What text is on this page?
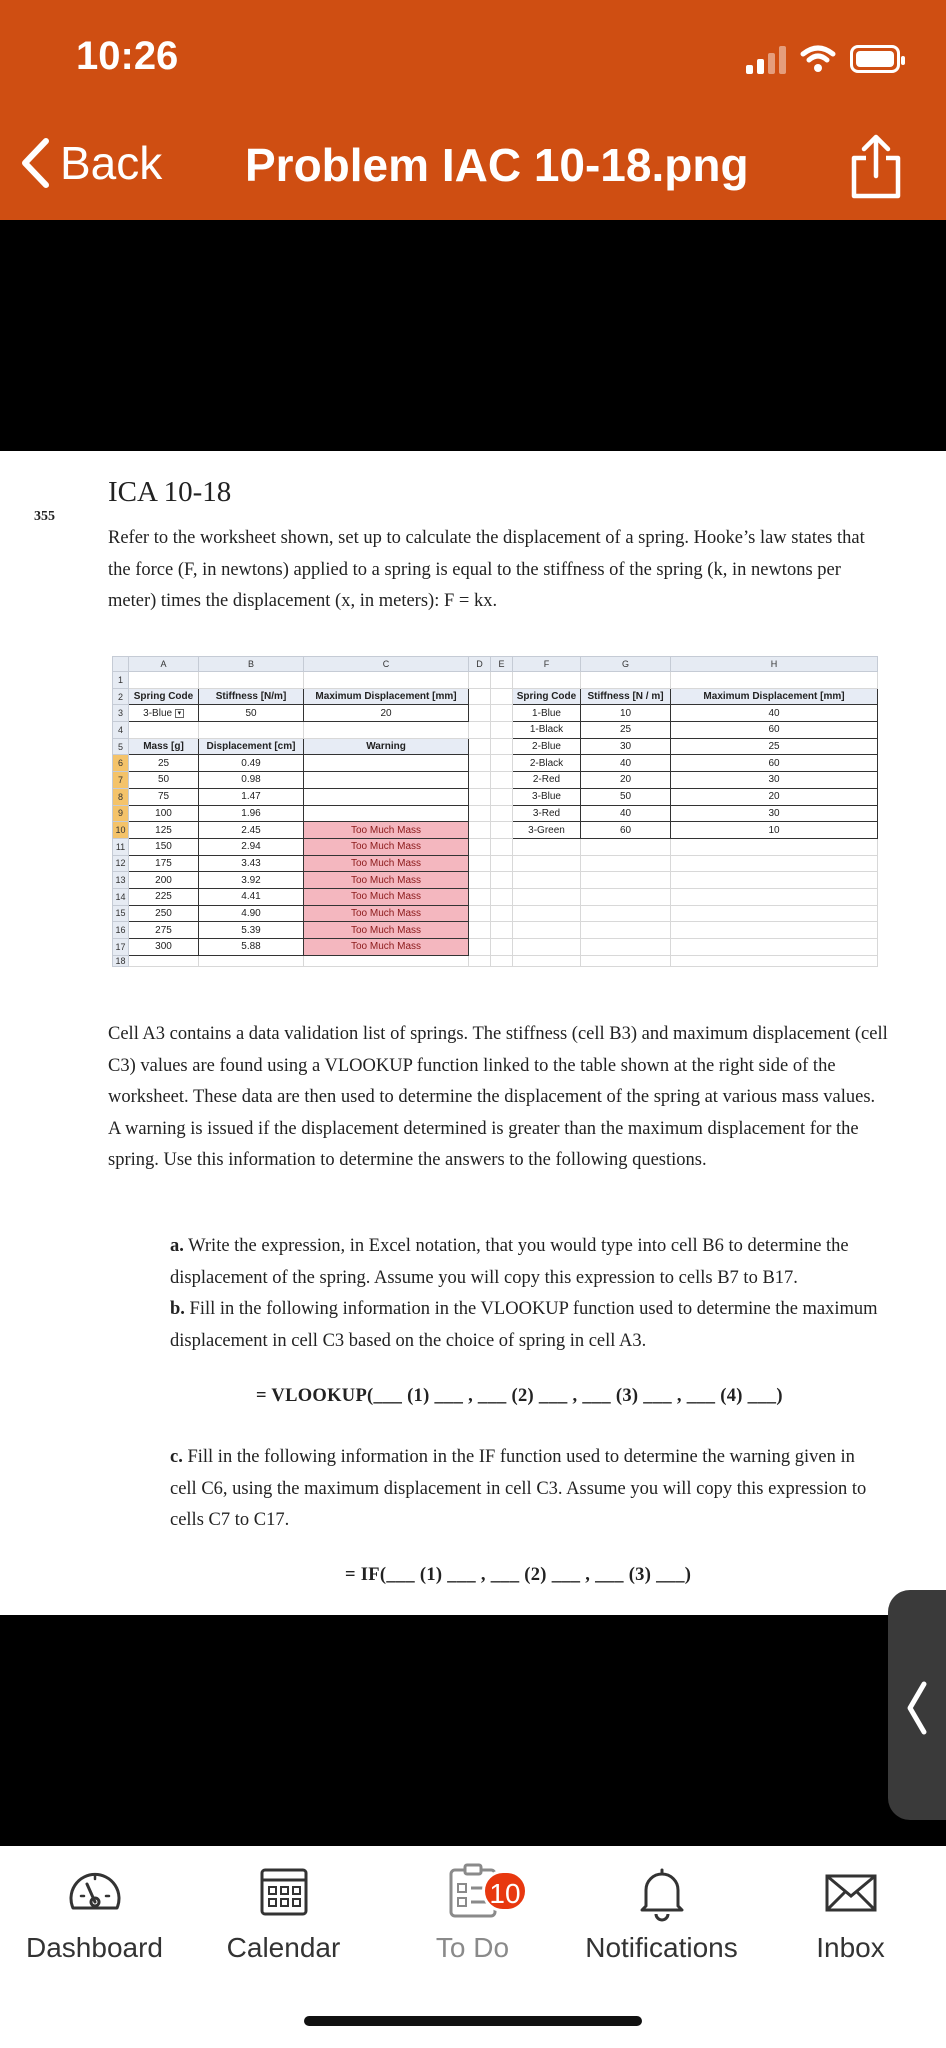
10:26
Back Problem IAC 10-18.png
355
ICA 10-18
Refer to the worksheet shown, set up to calculate the displacement of a spring. Hooke’s law states that the force (F, in newtons) applied to a spring is equal to the stiffness of the spring (k, in newtons per meter) times the displacement (x, in meters): F = kx.
	A	B	C	D	E	F	G	H
1								
2	Spring Code	Stiffness [N/m]	Maximum Displacement [mm]			Spring Code	Stiffness [N / m]	Maximum Displacement [mm]
3	3-Blue ▾	50	20			1-Blue	10	40
4						1-Black	25	60
5	Mass [g]	Displacement [cm]	Warning			2-Blue	30	25
6	25	0.49				2-Black	40	60
7	50	0.98				2-Red	20	30
8	75	1.47				3-Blue	50	20
9	100	1.96				3-Red	40	30
10	125	2.45	Too Much Mass			3-Green	60	10
11	150	2.94	Too Much Mass					
12	175	3.43	Too Much Mass					
13	200	3.92	Too Much Mass					
14	225	4.41	Too Much Mass					
15	250	4.90	Too Much Mass					
16	275	5.39	Too Much Mass					
17	300	5.88	Too Much Mass					
18								
Cell A3 contains a data validation list of springs. The stiffness (cell B3) and maximum displacement (cell C3) values are found using a VLOOKUP function linked to the table shown at the right side of the worksheet. These data are then used to determine the displacement of the spring at various mass values. A warning is issued if the displacement determined is greater than the maximum displacement for the spring. Use this information to determine the answers to the following questions.
a. Write the expression, in Excel notation, that you would type into cell B6 to determine the displacement of the spring. Assume you will copy this expression to cells B7 to B17.
b. Fill in the following information in the VLOOKUP function used to determine the maximum displacement in cell C3 based on the choice of spring in cell A3.
= VLOOKUP(___ (1) ___ , ___ (2) ___ , ___ (3) ___ , ___ (4) ___)
c. Fill in the following information in the IF function used to determine the warning given in cell C6, using the maximum displacement in cell C3. Assume you will copy this expression to cells C7 to C17.
= IF(___ (1) ___ , ___ (2) ___ , ___ (3) ___)
Dashboard	Calendar
10
To Do	Notifications	Inbox
